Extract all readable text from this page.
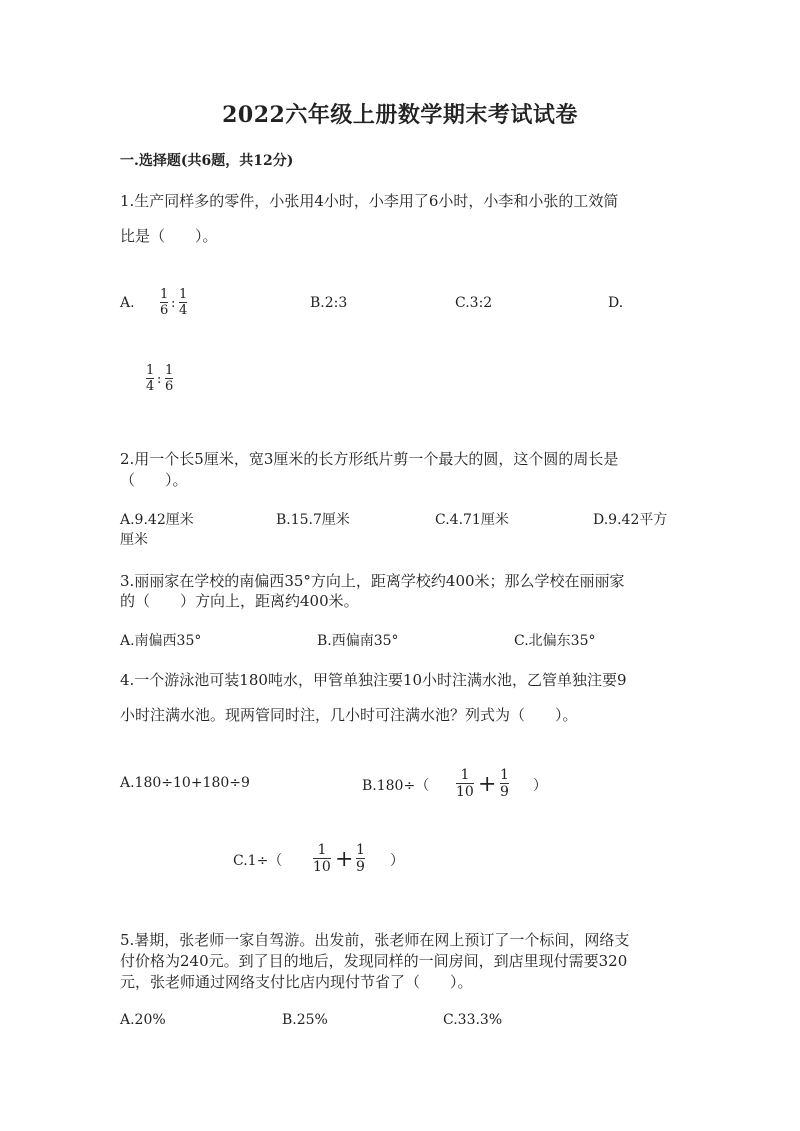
2022六年级上册数学期末考试试卷
一.选择题(共6题，共12分)
1.生产同样多的零件，小张用4小时，小李用了6小时，小李和小张的工效简
比是（　　）。
A.
1
6 :
1
4	B.2:3	C.3:2	D.
1
4 :
1
6
2.用一个长5厘米，宽3厘米的长方形纸片剪一个最大的圆，这个圆的周长是
（　　）。
A.9.42厘米	B.15.7厘米	C.4.71厘米	D.9.42平方
厘米
3.丽丽家在学校的南偏西35°方向上，距离学校约400米；那么学校在丽丽家
的（　　）方向上，距离约400米。
A.南偏西35°	B.西偏南35°	C.北偏东35°
4.一个游泳池可装180吨水，甲管单独注要10小时注满水池，乙管单独注要9
小时注满水池。现两管同时注，几小时可注满水池？列式为（　　）。
A.180÷10+180÷9	B.180÷（
1
10 + 1
9 ）
C.1÷（
1
10 + 1
9 ）
5.暑期，张老师一家自驾游。出发前，张老师在网上预订了一个标间，网络支
付价格为240元。到了目的地后，发现同样的一间房间，到店里现付需要320
元，张老师通过网络支付比店内现付节省了（　　）。
A.20%	B.25%	C.33.3%
